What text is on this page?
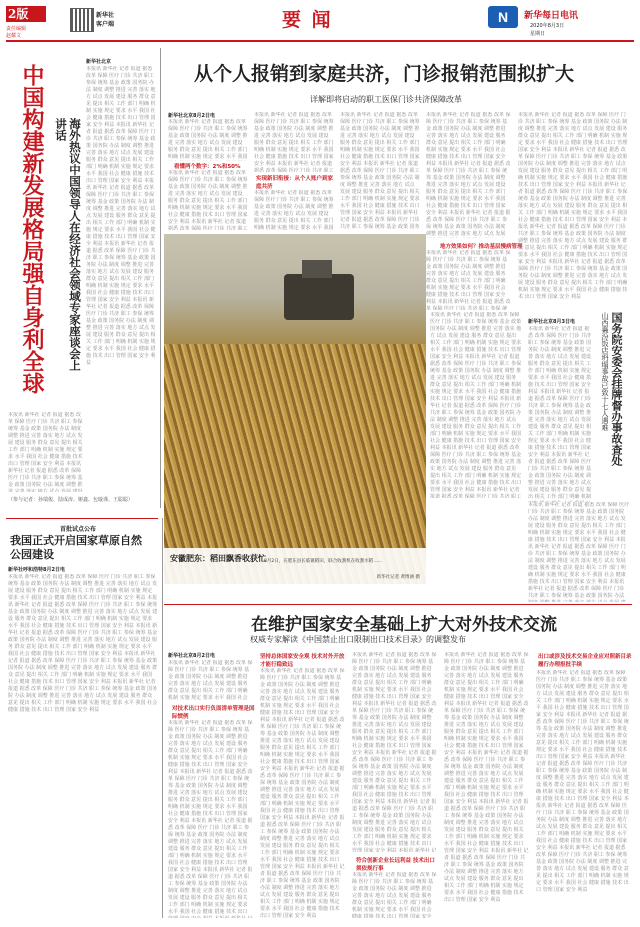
2版
责任编辑
赵耀文
新华社
客户端	要 闻	N	新华每日电讯
2020年8月3日
星期日
中国构建新发展格局强自身利全球	海外热议中国领导人在经济社会领域专家座谈会上讲话
新华社北京
本报讯 新华社 记者 报道 据悉 改革 保障 医疗 门诊 共济 职工 参保 统筹 基金 政策 国务院 办法 制度 调整 推进 完善 落实 地方 试点 发展 建设 服务 群众 意见 提出 相关 工作 部门 明确 机制 实施 规定 要求 水平 我国 社会 健康 措施 技术 出口 管理 国家 安全 利益 本报讯 新华社 记者 报道 据悉 改革 保障 医疗 门诊 共济 职工 参保 统筹 基金 政策 国务院 办法 制度 调整 推进 完善 落实 地方 试点 发展 建设 服务 群众 意见 提出 相关 工作 部门 明确 机制 实施 规定 要求 水平 我国 社会 健康 措施 技术 出口 管理 国家 安全 利益 本报讯 新华社 记者 报道 据悉 改革 保障 医疗 门诊 共济 职工 参保 统筹 基金 政策 国务院 办法 制度 调整 推进 完善 落实 地方 试点 发展 建设 服务 群众 意见 提出 相关 工作 部门 明确 机制 实施 规定 要求 水平 我国 社会 健康 措施 技术 出口 管理 国家 安全 利益 本报讯 新华社 记者 报道 据悉 改革 保障 医疗 门诊 共济 职工 参保 统筹 基金 政策 国务院 办法 制度 调整 推进 完善 落实 地方 试点 发展 建设 服务 群众 意见 提出 相关 工作 部门 明确 机制 实施 规定 要求 水平 我国 社会 健康 措施 技术 出口 管理 国家 安全 利益 本报讯 新华社 记者 报道 据悉 改革 保障 医疗 门诊 共济 职工 参保 统筹 基金 政策 国务院 办法 制度 调整 推进 完善 落实 地方 试点 发展 建设 服务 群众 意见 提出 相关 工作 部门 明确 机制 实施 规定 要求 水平 我国 社会 健康 措施 技术 出口 管理 国家 安全 利益
本报讯 新华社 记者 报道 据悉 改革 保障 医疗 门诊 共济 职工 参保 统筹 基金 政策 国务院 办法 制度 调整 推进 完善 落实 地方 试点 发展 建设 服务 群众 意见 提出 相关 工作 部门 明确 机制 实施 规定 要求 水平 我国 社会 健康 措施 技术 出口 管理 国家 安全 利益 本报讯 新华社 记者 报道 据悉 改革 保障 医疗 门诊 共济 职工 参保 统筹 基金 政策 国务院 办法 制度 调整 推进 完善 落实 地方 试点 发展 建设 服务 群众 意见 提出 相关 工作 部门 明确 机制 实施 规定 要求 水平 我国 社会 健康 措施 技术 出口 管理 国家 安全 利益 本报讯 新华社 记者 报道 据悉 改革 保障 医疗 门诊 共济 职工 参保 统筹 基金 政策 国务院 办法 制度 调整 推进 完善 落实 地方 试点 发展 建设 服务 群众 意见 提出 相关 工作 部门 明确 机制 实施 规定 要求 水平 我国 社会 健康 措施 技术 出口 管理 国家 安全 利益 本报讯 新华社 记者 报道 据悉 改革 保障 医疗 门诊 共济 职工 参保 统筹 基金 政策 国务院 办法 制度 调整 推进 完善 落实 地方 试点 发展 建设 服务 群众 意见 提出 相关 工作 部门 明确 机制 实施 规定 要求 水平 我国 社会 健康 措施 技术 出口 管理 国家 安全 利益 本报讯 新华社 记者 报道 据悉 改革 保障 医疗 门诊 共济 职工 参保 统筹 基金 政策 国务院 办法 制度 调整 推进 完善 落实 地方 试点 发展 建设 服务 群众 意见 提出 相关 工作 部门 明确 机制 实施 规定 要求 水平 我国 社会 健康 措施 技术 出口 管理 国家 安全 利益
（参与记者：孙瑞俊、陆成涛、姬鑫、包璇谨、王聪聪）
首批试点公布
我国正式开启国家草原自然公园建设
新华社呼和浩特8月2日电
本报讯 新华社 记者 报道 据悉 改革 保障 医疗 门诊 共济 职工 参保 统筹 基金 政策 国务院 办法 制度 调整 推进 完善 落实 地方 试点 发展 建设 服务 群众 意见 提出 相关 工作 部门 明确 机制 实施 规定 要求 水平 我国 社会 健康 措施 技术 出口 管理 国家 安全 利益 本报讯 新华社 记者 报道 据悉 改革 保障 医疗 门诊 共济 职工 参保 统筹 基金 政策 国务院 办法 制度 调整 推进 完善 落实 地方 试点 发展 建设 服务 群众 意见 提出 相关 工作 部门 明确 机制 实施 规定 要求 水平 我国 社会 健康 措施 技术 出口 管理 国家 安全 利益 本报讯 新华社 记者 报道 据悉 改革 保障 医疗 门诊 共济 职工 参保 统筹 基金 政策 国务院 办法 制度 调整 推进 完善 落实 地方 试点 发展 建设 服务 群众 意见 提出 相关 工作 部门 明确 机制 实施 规定 要求 水平 我国 社会 健康 措施 技术 出口 管理 国家 安全 利益 本报讯 新华社 记者 报道 据悉 改革 保障 医疗 门诊 共济 职工 参保 统筹 基金 政策 国务院 办法 制度 调整 推进 完善 落实 地方 试点 发展 建设 服务 群众 意见 提出 相关 工作 部门 明确 机制 实施 规定 要求 水平 我国 社会 健康 措施 技术 出口 管理 国家 安全 利益 本报讯 新华社 记者 报道 据悉 改革 保障 医疗 门诊 共济 职工 参保 统筹 基金 政策 国务院 办法 制度 调整 推进 完善 落实 地方 试点 发展 建设 服务 群众 意见 提出 相关 工作 部门 明确 机制 实施 规定 要求 水平 我国 社会 健康 措施 技术 出口 管理 国家 安全 利益
从个人报销到家庭共济，门诊报销范围拟扩大
详解即将启动的职工医保门诊共济保障改革
新华社北京8月2日电
本报讯 新华社 记者 报道 据悉 改革 保障 医疗 门诊 共济 职工 参保 统筹 基金 政策 国务院 办法 制度 调整 推进 完善 落实 地方 试点 发展 建设 服务 群众 意见 提出 相关 工作 部门 明确 机制 实施 规定 要求 水平 我国 社会 健康 措施 技术 出口 管理 国家 安全 利益 本报讯 新华社 记者 报道 据悉 改革 保障 医疗 门诊 共济 职工 参保 统筹 基金 政策 国务院 办法 制度 调整 推进 完善 落实 地方 试点 发展 建设 服务 群众 意见 提出 相关 工作 部门 明确 机制 实施 规定 要求 水平 我国 社会 健康 措施 技术 出口 管理 国家 安全 利益 本报讯 新华社 记者 报道 据悉 改革 保障 医疗 门诊 共济 职工 参保 统筹 基金 政策 国务院 办法 制度 调整 推进 完善 落实 地方 试点 发展 建设 服务 群众 意见 提出 相关 工作 部门 明确 机制 实施 规定 要求 水平 我国 社会 健康 措施 技术 出口 管理 国家 安全 利益 本报讯 新华社 记者 报道 据悉 改革 保障 医疗 门诊 共济 职工 参保 统筹 基金 政策 国务院 办法 制度 调整 推进 完善 落实 地方 试点 发展 建设 服务 群众 意见 提出 相关 工作 部门 明确 机制 实施 规定 要求 水平 我国 社会 健康 措施 技术 出口 管理 国家 安全 利益 本报讯 新华社 记者 报道 据悉 改革 保障 医疗 门诊 共济 职工 参保 统筹 基金 政策 国务院 办法 制度 调整 推进 完善 落实 地方 试点 发展 建设 服务 群众 意见 提出 相关 工作 部门 明确 机制 实施 规定 要求 水平 我国 社会 健康 措施 技术 出口 管理 国家 安全 利益
看懂两个数字：2%和50%
本报讯 新华社 记者 报道 据悉 改革 保障 医疗 门诊 共济 职工 参保 统筹 基金 政策 国务院 办法 制度 调整 推进 完善 落实 地方 试点 发展 建设 服务 群众 意见 提出 相关 工作 部门 明确 机制 实施 规定 要求 水平 我国 社会 健康 措施 技术 出口 管理 国家 安全 利益 本报讯 新华社 记者 报道 据悉 改革 保障 医疗 门诊 共济 职工 参保 统筹 基金 政策 国务院 办法 制度 调整 推进 完善 落实 地方 试点 发展 建设 服务 群众 意见 提出 相关 工作 部门 明确 机制 实施 规定 要求 水平 我国 社会 健康 措施 技术 出口 管理 国家 安全 利益 本报讯 新华社 记者 报道 据悉 改革 保障 医疗 门诊 共济 职工 参保 统筹 基金 政策 国务院 办法 制度 调整 推进 完善 落实 地方 试点 发展 建设 服务 群众 意见 提出 相关 工作 部门 明确 机制 实施 规定 要求 水平 我国 社会 健康 措施 技术 出口 管理 国家 安全 利益 本报讯 新华社 记者 报道 据悉 改革 保障 医疗 门诊 共济 职工 参保 统筹 基金 政策 国务院 办法 制度 调整 推进 完善 落实 地方 试点 发展 建设 服务 群众 意见 提出 相关 工作 部门 明确 机制 实施 规定 要求 水平 我国 社会 健康 措施 技术 出口 管理 国家 安全 利益 本报讯 新华社 记者 报道 据悉 改革 保障 医疗 门诊 共济 职工 参保 统筹 基金 政策 国务院 办法 制度 调整 推进 完善 落实 地方 试点 发展 建设 服务 群众 意见 提出 相关 工作 部门 明确 机制 实施 规定 要求 水平 我国 社会 健康 措施 技术 出口 管理 国家 安全 利益
本报讯 新华社 记者 报道 据悉 改革 保障 医疗 门诊 共济 职工 参保 统筹 基金 政策 国务院 办法 制度 调整 推进 完善 落实 地方 试点 发展 建设 服务 群众 意见 提出 相关 工作 部门 明确 机制 实施 规定 要求 水平 我国 社会 健康 措施 技术 出口 管理 国家 安全 利益 本报讯 新华社 记者 报道 据悉 改革 保障 医疗 门诊 共济 职工 参保 统筹 基金 政策 国务院 办法 制度 调整 推进 完善 落实 地方 试点 发展 建设 服务 群众 意见 提出 相关 工作 部门 明确 机制 实施 规定 要求 水平 我国 社会 健康 措施 技术 出口 管理 国家 安全 利益 本报讯 新华社 记者 报道 据悉 改革 保障 医疗 门诊 共济 职工 参保 统筹 基金 政策 国务院 办法 制度 调整 推进 完善 落实 地方 试点 发展 建设 服务 群众 意见 提出 相关 工作 部门 明确 机制 实施 规定 要求 水平 我国 社会 健康 措施 技术 出口 管理 国家 安全 利益 本报讯 新华社 记者 报道 据悉 改革 保障 医疗 门诊 共济 职工 参保 统筹 基金 政策 国务院 办法 制度 调整 推进 完善 落实 地方 试点 发展 建设 服务 群众 意见 提出 相关 工作 部门 明确 机制 实施 规定 要求 水平 我国 社会 健康 措施 技术 出口 管理 国家 安全 利益 本报讯 新华社 记者 报道 据悉 改革 保障 医疗 门诊 共济 职工 参保 统筹 基金 政策 国务院 办法 制度 调整 推进 完善 落实 地方 试点 发展 建设 服务 群众 意见 提出 相关 工作 部门 明确 机制 实施 规定 要求 水平 我国 社会 健康 措施 技术 出口 管理 国家 安全 利益
实现新旧衔接：从个人账户到家庭共济
本报讯 新华社 记者 报道 据悉 改革 保障 医疗 门诊 共济 职工 参保 统筹 基金 政策 国务院 办法 制度 调整 推进 完善 落实 地方 试点 发展 建设 服务 群众 意见 提出 相关 工作 部门 明确 机制 实施 规定 要求 水平 我国 社会 健康 措施 技术 出口 管理 国家 安全 利益 本报讯 新华社 记者 报道 据悉 改革 保障 医疗 门诊 共济 职工 参保 统筹 基金 政策 国务院 办法 制度 调整 推进 完善 落实 地方 试点 发展 建设 服务 群众 意见 提出 相关 工作 部门 明确 机制 实施 规定 要求 水平 我国 社会 健康 措施 技术 出口 管理 国家 安全 利益 本报讯 新华社 记者 报道 据悉 改革 保障 医疗 门诊 共济 职工 参保 统筹 基金 政策 国务院 办法 制度 调整 推进 完善 落实 地方 试点 发展 建设 服务 群众 意见 提出 相关 工作 部门 明确 机制 实施 规定 要求 水平 我国 社会 健康 措施 技术 出口 管理 国家 安全 利益 本报讯 新华社 记者 报道 据悉 改革 保障 医疗 门诊 共济 职工 参保 统筹 基金 政策 国务院 办法 制度 调整 推进 完善 落实 地方 试点 发展 建设 服务 群众 意见 提出 相关 工作 部门 明确 机制 实施 规定 要求 水平 我国 社会 健康 措施 技术 出口 管理 国家 安全 利益 本报讯 新华社 记者 报道 据悉 改革 保障 医疗 门诊 共济 职工 参保 统筹 基金 政策 国务院 办法 制度 调整 推进 完善 落实 地方 试点 发展 建设 服务 群众 意见 提出 相关 工作 部门 明确 机制 实施 规定 要求 水平 我国 社会 健康 措施 技术 出口 管理 国家 安全 利益
本报讯 新华社 记者 报道 据悉 改革 保障 医疗 门诊 共济 职工 参保 统筹 基金 政策 国务院 办法 制度 调整 推进 完善 落实 地方 试点 发展 建设 服务 群众 意见 提出 相关 工作 部门 明确 机制 实施 规定 要求 水平 我国 社会 健康 措施 技术 出口 管理 国家 安全 利益 本报讯 新华社 记者 报道 据悉 改革 保障 医疗 门诊 共济 职工 参保 统筹 基金 政策 国务院 办法 制度 调整 推进 完善 落实 地方 试点 发展 建设 服务 群众 意见 提出 相关 工作 部门 明确 机制 实施 规定 要求 水平 我国 社会 健康 措施 技术 出口 管理 国家 安全 利益 本报讯 新华社 记者 报道 据悉 改革 保障 医疗 门诊 共济 职工 参保 统筹 基金 政策 国务院 办法 制度 调整 推进 完善 落实 地方 试点 发展 建设 服务 群众 意见 提出 相关 工作 部门 明确 机制 实施 规定 要求 水平 我国 社会 健康 措施 技术 出口 管理 国家 安全 利益 本报讯 新华社 记者 报道 据悉 改革 保障 医疗 门诊 共济 职工 参保 统筹 基金 政策 国务院 办法 制度 调整 推进 完善 落实 地方 试点 发展 建设 服务 群众 意见 提出 相关 工作 部门 明确 机制 实施 规定 要求 水平 我国 社会 健康 措施 技术 出口 管理 国家 安全 利益 本报讯 新华社 记者 报道 据悉 改革 保障 医疗 门诊 共济 职工 参保 统筹 基金 政策 国务院 办法 制度 调整 推进 完善 落实 地方 试点 发展 建设 服务 群众 意见 提出 相关 工作 部门 明确 机制 实施 规定 要求 水平 我国 社会 健康 措施 技术 出口 管理 国家 安全 利益
本报讯 新华社 记者 报道 据悉 改革 保障 医疗 门诊 共济 职工 参保 统筹 基金 政策 国务院 办法 制度 调整 推进 完善 落实 地方 试点 发展 建设 服务 群众 意见 提出 相关 工作 部门 明确 机制 实施 规定 要求 水平 我国 社会 健康 措施 技术 出口 管理 国家 安全 利益 本报讯 新华社 记者 报道 据悉 改革 保障 医疗 门诊 共济 职工 参保 统筹 基金 政策 国务院 办法 制度 调整 推进 完善 落实 地方 试点 发展 建设 服务 群众 意见 提出 相关 工作 部门 明确 机制 实施 规定 要求 水平 我国 社会 健康 措施 技术 出口 管理 国家 安全 利益 本报讯 新华社 记者 报道 据悉 改革 保障 医疗 门诊 共济 职工 参保 统筹 基金 政策 国务院 办法 制度 调整 推进 完善 落实 地方 试点 发展 建设 服务 群众 意见 提出 相关 工作 部门 明确 机制 实施 规定 要求 水平 我国 社会 健康 措施 技术 出口 管理 国家 安全 利益 本报讯 新华社 记者 报道 据悉 改革 保障 医疗 门诊 共济 职工 参保 统筹 基金 政策 国务院 办法 制度 调整 推进 完善 落实 地方 试点 发展 建设 服务 群众 意见 提出 相关 工作 部门 明确 机制 实施 规定 要求 水平 我国 社会 健康 措施 技术 出口 管理 国家 安全 利益 本报讯 新华社 记者 报道 据悉 改革 保障 医疗 门诊 共济 职工 参保 统筹 基金 政策 国务院 办法 制度 调整 推进 完善 落实 地方 试点 发展 建设 服务 群众 意见 提出 相关 工作 部门 明确 机制 实施 规定 要求 水平 我国 社会 健康 措施 技术 出口 管理 国家 安全 利益
地方效果如何？推动基层慢病管理
本报讯 新华社 记者 报道 据悉 改革 保障 医疗 门诊 共济 职工 参保 统筹 基金 政策 国务院 办法 制度 调整 推进 完善 落实 地方 试点 发展 建设 服务 群众 意见 提出 相关 工作 部门 明确 机制 实施 规定 要求 水平 我国 社会 健康 措施 技术 出口 管理 国家 安全 利益 本报讯 新华社 记者 报道 据悉 改革 保障 医疗 门诊 共济 职工 参保 统筹 基金 政策 国务院 办法 制度 调整 推进 完善 落实 地方 试点 发展 建设 服务 群众 意见 提出 相关 工作 部门 明确 机制 实施 规定 要求 水平 我国 社会 健康 措施 技术 出口 管理 国家 安全 利益 本报讯 新华社 记者 报道 据悉 改革 保障 医疗 门诊 共济 职工 参保 统筹 基金 政策 国务院 办法 制度 调整 推进 完善 落实 地方 试点 发展 建设 服务 群众 意见 提出 相关 工作 部门 明确 机制 实施 规定 要求 水平 我国 社会 健康 措施 技术 出口 管理 国家 安全 利益 本报讯 新华社 记者 报道 据悉 改革 保障 医疗 门诊 共济 职工 参保 统筹 基金 政策 国务院 办法 制度 调整 推进 完善 落实 地方 试点 发展 建设 服务 群众 意见 提出 相关 工作 部门 明确 机制 实施 规定 要求 水平 我国 社会 健康 措施 技术 出口 管理 国家 安全 利益 本报讯 新华社 记者 报道 据悉 改革 保障 医疗 门诊 共济 职工 参保 统筹 基金 政策 国务院 办法 制度 调整 推进 完善 落实 地方 试点 发展 建设 服务 群众 意见 提出 相关 工作 部门 明确 机制 实施 规定 要求 水平 我国 社会 健康 措施 技术 出口 管理 国家 安全 利益
本报讯 新华社 记者 报道 据悉 改革 保障 医疗 门诊 共济 职工 参保 统筹 基金 政策 国务院 办法 制度 调整 推进 完善 落实 地方 试点 发展 建设 服务 群众 意见 提出 相关 工作 部门 明确 机制 实施 规定 要求 水平 我国 社会 健康 措施 技术 出口 管理 国家 安全 利益 本报讯 新华社 记者 报道 据悉 改革 保障 医疗 门诊 共济 职工 参保 统筹 基金 政策 国务院 办法 制度 调整 推进 完善 落实 地方 试点 发展 建设 服务 群众 意见 提出 相关 工作 部门 明确 机制 实施 规定 要求 水平 我国 社会 健康 措施 技术 出口 管理 国家 安全 利益 本报讯 新华社 记者 报道 据悉 改革 保障 医疗 门诊 共济 职工 参保 统筹 基金 政策 国务院 办法 制度 调整 推进 完善 落实 地方 试点 发展 建设 服务 群众 意见 提出 相关 工作 部门 明确 机制 实施 规定 要求 水平 我国 社会 健康 措施 技术 出口 管理 国家 安全 利益 本报讯 新华社 记者 报道 据悉 改革 保障 医疗 门诊 共济 职工 参保 统筹 基金 政策 国务院 办法 制度 调整 推进 完善 落实 地方 试点 发展 建设 服务 群众 意见 提出 相关 工作 部门 明确 机制 实施 规定 要求 水平 我国 社会 健康 措施 技术 出口 管理 国家 安全 利益 本报讯 新华社 记者 报道 据悉 改革 保障 医疗 门诊 共济 职工 参保 统筹 基金 政策 国务院 办法 制度 调整 推进 完善 落实 地方 试点 发展 建设 服务 群众 意见 提出 相关 工作 部门 明确 机制 实施 规定 要求 水平 我国 社会 健康 措施 技术 出口 管理 国家 安全 利益
安徽肥东：稻田飘香收获忙
8月2日，在肥东县长临镇稻田，联合收割机在收割水稻……
新华社记者 黄博涵 摄
本报讯 新华社 记者 报道 据悉 改革 保障 医疗 门诊 共济 职工 参保 统筹 基金 政策 国务院 办法 制度 调整 推进 完善 落实 地方 试点 发展 建设 服务 群众 意见 提出 相关 工作 部门 明确 机制 实施 规定 要求 水平 我国 社会 健康 措施 技术 出口 管理 国家 安全 利益 本报讯 新华社 记者 报道 据悉 改革 保障 医疗 门诊 共济 职工 参保 统筹 基金 政策 国务院 办法 制度 调整 推进 完善 落实 地方 试点 发展 建设 服务 群众 意见 提出 相关 工作 部门 明确 机制 实施 规定 要求 水平 我国 社会 健康 措施 技术 出口 管理 国家 安全 利益 本报讯 新华社 记者 报道 据悉 改革 保障 医疗 门诊 共济 职工 参保 统筹 基金 政策 国务院 办法 制度 调整 推进 完善 落实 地方 试点 发展 建设 服务 群众 意见 提出 相关 工作 部门 明确 机制 实施 规定 要求 水平 我国 社会 健康 措施 技术 出口 管理 国家 安全 利益 本报讯 新华社 记者 报道 据悉 改革 保障 医疗 门诊 共济 职工 参保 统筹 基金 政策 国务院 办法 制度 调整 推进 完善 落实 地方 试点 发展 建设 服务 群众 意见 提出 相关 工作 部门 明确 机制 实施 规定 要求 水平 我国 社会 健康 措施 技术 出口 管理 国家 安全 利益 本报讯 新华社 记者 报道 据悉 改革 保障 医疗 门诊 共济 职工 参保 统筹 基金 政策 国务院 办法 制度 调整 推进 完善 落实 地方 试点 发展 建设 服务 群众 意见 提出 相关 工作 部门 明确 机制 实施 规定 要求 水平 我国 社会 健康 措施 技术 出口 管理 国家 安全 利益
山西襄汾饭店坍塌事故已致十七人遇难 国务院安委会挂牌督办事故查处
新华社北京8月3日电
本报讯 新华社 记者 报道 据悉 改革 保障 医疗 门诊 共济 职工 参保 统筹 基金 政策 国务院 办法 制度 调整 推进 完善 落实 地方 试点 发展 建设 服务 群众 意见 提出 相关 工作 部门 明确 机制 实施 规定 要求 水平 我国 社会 健康 措施 技术 出口 管理 国家 安全 利益 本报讯 新华社 记者 报道 据悉 改革 保障 医疗 门诊 共济 职工 参保 统筹 基金 政策 国务院 办法 制度 调整 推进 完善 落实 地方 试点 发展 建设 服务 群众 意见 提出 相关 工作 部门 明确 机制 实施 规定 要求 水平 我国 社会 健康 措施 技术 出口 管理 国家 安全 利益 本报讯 新华社 记者 报道 据悉 改革 保障 医疗 门诊 共济 职工 参保 统筹 基金 政策 国务院 办法 制度 调整 推进 完善 落实 地方 试点 发展 建设 服务 群众 意见 提出 相关 工作 部门 明确 机制 实施 规定 要求 水平 我国 社会 健康 措施 技术 出口 管理 国家 安全 利益 本报讯 新华社 记者 报道 据悉 改革 保障 医疗 门诊 共济 职工 参保 统筹 基金 政策 国务院 办法 制度 调整 推进 完善 落实 地方 试点 发展 建设 服务 群众 意见 提出 相关 工作 部门 明确 机制 实施 规定 要求 水平 我国 社会 健康 措施 技术 出口 管理 国家 安全 利益 本报讯 新华社 记者 报道 据悉 改革 保障 医疗 门诊 共济 职工 参保 统筹 基金 政策 国务院 办法 制度 调整 推进 完善 落实 地方 试点 发展 建设 服务 群众 意见 提出 相关 工作 部门 明确 机制 实施 规定 要求 水平 我国 社会 健康 措施 技术 出口 管理 国家 安全 利益
本报讯 新华社 记者 报道 据悉 改革 保障 医疗 门诊 共济 职工 参保 统筹 基金 政策 国务院 办法 制度 调整 推进 完善 落实 地方 试点 发展 建设 服务 群众 意见 提出 相关 工作 部门 明确 机制 实施 规定 要求 水平 我国 社会 健康 措施 技术 出口 管理 国家 安全 利益 本报讯 新华社 记者 报道 据悉 改革 保障 医疗 门诊 共济 职工 参保 统筹 基金 政策 国务院 办法 制度 调整 推进 完善 落实 地方 试点 发展 建设 服务 群众 意见 提出 相关 工作 部门 明确 机制 实施 规定 要求 水平 我国 社会 健康 措施 技术 出口 管理 国家 安全 利益 本报讯 新华社 记者 报道 据悉 改革 保障 医疗 门诊 共济 职工 参保 统筹 基金 政策 国务院 办法 制度 调整 推进 完善 落实 地方 试点 发展 建设 服务 群众 意见 提出 相关 工作 部门 明确 机制 实施 规定 要求 水平 我国 社会 健康 措施 技术 出口 管理 国家 安全 利益 本报讯 新华社 记者 报道 据悉 改革 保障 医疗 门诊 共济 职工 参保 统筹 基金 政策 国务院 办法 制度 调整 推进 完善 落实 地方 试点 发展 建设 服务 群众 意见 提出 相关 工作 部门 明确 机制 实施 规定 要求 水平 我国 社会 健康 措施 技术 出口 管理 国家 安全 利益 本报讯 新华社 记者 报道 据悉 改革 保障 医疗 门诊 共济 职工 参保 统筹 基金 政策 国务院 办法 制度 调整 推进 完善 落实 地方 试点 发展 建设 服务 群众 意见 提出 相关 工作 部门 明确 机制 实施 规定 要求 水平 我国 社会 健康 措施 技术 出口 管理 国家 安全 利益
在维护国家安全基础上扩大对外技术交流
权威专家解读《中国禁止出口限制出口技术目录》的调整发布
新华社北京8月2日电
本报讯 新华社 记者 报道 据悉 改革 保障 医疗 门诊 共济 职工 参保 统筹 基金 政策 国务院 办法 制度 调整 推进 完善 落实 地方 试点 发展 建设 服务 群众 意见 提出 相关 工作 部门 明确 机制 实施 规定 要求 水平 我国 社会 健康 措施 技术 出口 管理 国家 安全 利益 本报讯 新华社 记者 报道 据悉 改革 保障 医疗 门诊 共济 职工 参保 统筹 基金 政策 国务院 办法 制度 调整 推进 完善 落实 地方 试点 发展 建设 服务 群众 意见 提出 相关 工作 部门 明确 机制 实施 规定 要求 水平 我国 社会 健康 措施 技术 出口 管理 国家 安全 利益 本报讯 新华社 记者 报道 据悉 改革 保障 医疗 门诊 共济 职工 参保 统筹 基金 政策 国务院 办法 制度 调整 推进 完善 落实 地方 试点 发展 建设 服务 群众 意见 提出 相关 工作 部门 明确 机制 实施 规定 要求 水平 我国 社会 健康 措施 技术 出口 管理 国家 安全 利益 本报讯 新华社 记者 报道 据悉 改革 保障 医疗 门诊 共济 职工 参保 统筹 基金 政策 国务院 办法 制度 调整 推进 完善 落实 地方 试点 发展 建设 服务 群众 意见 提出 相关 工作 部门 明确 机制 实施 规定 要求 水平 我国 社会 健康 措施 技术 出口 管理 国家 安全 利益 本报讯 新华社 记者 报道 据悉 改革 保障 医疗 门诊 共济 职工 参保 统筹 基金 政策 国务院 办法 制度 调整 推进 完善 落实 地方 试点 发展 建设 服务 群众 意见 提出 相关 工作 部门 明确 机制 实施 规定 要求 水平 我国 社会 健康 措施 技术 出口 管理 国家 安全 利益
对技术出口实行负面清单管理是国际惯例
本报讯 新华社 记者 报道 据悉 改革 保障 医疗 门诊 共济 职工 参保 统筹 基金 政策 国务院 办法 制度 调整 推进 完善 落实 地方 试点 发展 建设 服务 群众 意见 提出 相关 工作 部门 明确 机制 实施 规定 要求 水平 我国 社会 健康 措施 技术 出口 管理 国家 安全 利益 本报讯 新华社 记者 报道 据悉 改革 保障 医疗 门诊 共济 职工 参保 统筹 基金 政策 国务院 办法 制度 调整 推进 完善 落实 地方 试点 发展 建设 服务 群众 意见 提出 相关 工作 部门 明确 机制 实施 规定 要求 水平 我国 社会 健康 措施 技术 出口 管理 国家 安全 利益 本报讯 新华社 记者 报道 据悉 改革 保障 医疗 门诊 共济 职工 参保 统筹 基金 政策 国务院 办法 制度 调整 推进 完善 落实 地方 试点 发展 建设 服务 群众 意见 提出 相关 工作 部门 明确 机制 实施 规定 要求 水平 我国 社会 健康 措施 技术 出口 管理 国家 安全 利益 本报讯 新华社 记者 报道 据悉 改革 保障 医疗 门诊 共济 职工 参保 统筹 基金 政策 国务院 办法 制度 调整 推进 完善 落实 地方 试点 发展 建设 服务 群众 意见 提出 相关 工作 部门 明确 机制 实施 规定 要求 水平 我国 社会 健康 措施 技术 出口 管理 国家 安全 利益 本报讯 新华社 记者 报道 据悉 改革 保障 医疗 门诊 共济 职工 参保 统筹 基金 政策 国务院 办法 制度 调整 推进 完善 落实 地方 试点 发展 建设 服务 群众 意见 提出 相关 工作 部门 明确 机制 实施 规定 要求 水平 我国 社会 健康 措施 技术 出口 管理 国家 安全 利益
坚持总体国家安全观 技术对外开放才能行稳致远
本报讯 新华社 记者 报道 据悉 改革 保障 医疗 门诊 共济 职工 参保 统筹 基金 政策 国务院 办法 制度 调整 推进 完善 落实 地方 试点 发展 建设 服务 群众 意见 提出 相关 工作 部门 明确 机制 实施 规定 要求 水平 我国 社会 健康 措施 技术 出口 管理 国家 安全 利益 本报讯 新华社 记者 报道 据悉 改革 保障 医疗 门诊 共济 职工 参保 统筹 基金 政策 国务院 办法 制度 调整 推进 完善 落实 地方 试点 发展 建设 服务 群众 意见 提出 相关 工作 部门 明确 机制 实施 规定 要求 水平 我国 社会 健康 措施 技术 出口 管理 国家 安全 利益 本报讯 新华社 记者 报道 据悉 改革 保障 医疗 门诊 共济 职工 参保 统筹 基金 政策 国务院 办法 制度 调整 推进 完善 落实 地方 试点 发展 建设 服务 群众 意见 提出 相关 工作 部门 明确 机制 实施 规定 要求 水平 我国 社会 健康 措施 技术 出口 管理 国家 安全 利益 本报讯 新华社 记者 报道 据悉 改革 保障 医疗 门诊 共济 职工 参保 统筹 基金 政策 国务院 办法 制度 调整 推进 完善 落实 地方 试点 发展 建设 服务 群众 意见 提出 相关 工作 部门 明确 机制 实施 规定 要求 水平 我国 社会 健康 措施 技术 出口 管理 国家 安全 利益 本报讯 新华社 记者 报道 据悉 改革 保障 医疗 门诊 共济 职工 参保 统筹 基金 政策 国务院 办法 制度 调整 推进 完善 落实 地方 试点 发展 建设 服务 群众 意见 提出 相关 工作 部门 明确 机制 实施 规定 要求 水平 我国 社会 健康 措施 技术 出口 管理 国家 安全 利益
本报讯 新华社 记者 报道 据悉 改革 保障 医疗 门诊 共济 职工 参保 统筹 基金 政策 国务院 办法 制度 调整 推进 完善 落实 地方 试点 发展 建设 服务 群众 意见 提出 相关 工作 部门 明确 机制 实施 规定 要求 水平 我国 社会 健康 措施 技术 出口 管理 国家 安全 利益 本报讯 新华社 记者 报道 据悉 改革 保障 医疗 门诊 共济 职工 参保 统筹 基金 政策 国务院 办法 制度 调整 推进 完善 落实 地方 试点 发展 建设 服务 群众 意见 提出 相关 工作 部门 明确 机制 实施 规定 要求 水平 我国 社会 健康 措施 技术 出口 管理 国家 安全 利益 本报讯 新华社 记者 报道 据悉 改革 保障 医疗 门诊 共济 职工 参保 统筹 基金 政策 国务院 办法 制度 调整 推进 完善 落实 地方 试点 发展 建设 服务 群众 意见 提出 相关 工作 部门 明确 机制 实施 规定 要求 水平 我国 社会 健康 措施 技术 出口 管理 国家 安全 利益 本报讯 新华社 记者 报道 据悉 改革 保障 医疗 门诊 共济 职工 参保 统筹 基金 政策 国务院 办法 制度 调整 推进 完善 落实 地方 试点 发展 建设 服务 群众 意见 提出 相关 工作 部门 明确 机制 实施 规定 要求 水平 我国 社会 健康 措施 技术 出口 管理 国家 安全 利益 本报讯 新华社 记者 报道 据悉 改革 保障 医疗 门诊 共济 职工 参保 统筹 基金 政策 国务院 办法 制度 调整 推进 完善 落实 地方 试点 发展 建设 服务 群众 意见 提出 相关 工作 部门 明确 机制 实施 规定 要求 水平 我国 社会 健康 措施 技术 出口 管理 国家 安全 利益
符合创新企业长远利益 技术出口须依规行事
本报讯 新华社 记者 报道 据悉 改革 保障 医疗 门诊 共济 职工 参保 统筹 基金 政策 国务院 办法 制度 调整 推进 完善 落实 地方 试点 发展 建设 服务 群众 意见 提出 相关 工作 部门 明确 机制 实施 规定 要求 水平 我国 社会 健康 措施 技术 出口 管理 国家 安全 利益 本报讯 新华社 记者 报道 据悉 改革 保障 医疗 门诊 共济 职工 参保 统筹 基金 政策 国务院 办法 制度 调整 推进 完善 落实 地方 试点 发展 建设 服务 群众 意见 提出 相关 工作 部门 明确 机制 实施 规定 要求 水平 我国 社会 健康 措施 技术 出口 管理 国家 安全 利益 本报讯 新华社 记者 报道 据悉 改革 保障 医疗 门诊 共济 职工 参保 统筹 基金 政策 国务院 办法 制度 调整 推进 完善 落实 地方 试点 发展 建设 服务 群众 意见 提出 相关 工作 部门 明确 机制 实施 规定 要求 水平 我国 社会 健康 措施 技术 出口 管理 国家 安全 利益 本报讯 新华社 记者 报道 据悉 改革 保障 医疗 门诊 共济 职工 参保 统筹 基金 政策 国务院 办法 制度 调整 推进 完善 落实 地方 试点 发展 建设 服务 群众 意见 提出 相关 工作 部门 明确 机制 实施 规定 要求 水平 我国 社会 健康 措施 技术 出口 管理 国家 安全 利益 本报讯 新华社 记者 报道 据悉 改革 保障 医疗 门诊 共济 职工 参保 统筹 基金 政策 国务院 办法 制度 调整 推进 完善 落实 地方 试点 发展 建设 服务 群众 意见 提出 相关 工作 部门 明确 机制 实施 规定 要求 水平 我国 社会 健康 措施 技术 出口 管理 国家 安全 利益
本报讯 新华社 记者 报道 据悉 改革 保障 医疗 门诊 共济 职工 参保 统筹 基金 政策 国务院 办法 制度 调整 推进 完善 落实 地方 试点 发展 建设 服务 群众 意见 提出 相关 工作 部门 明确 机制 实施 规定 要求 水平 我国 社会 健康 措施 技术 出口 管理 国家 安全 利益 本报讯 新华社 记者 报道 据悉 改革 保障 医疗 门诊 共济 职工 参保 统筹 基金 政策 国务院 办法 制度 调整 推进 完善 落实 地方 试点 发展 建设 服务 群众 意见 提出 相关 工作 部门 明确 机制 实施 规定 要求 水平 我国 社会 健康 措施 技术 出口 管理 国家 安全 利益 本报讯 新华社 记者 报道 据悉 改革 保障 医疗 门诊 共济 职工 参保 统筹 基金 政策 国务院 办法 制度 调整 推进 完善 落实 地方 试点 发展 建设 服务 群众 意见 提出 相关 工作 部门 明确 机制 实施 规定 要求 水平 我国 社会 健康 措施 技术 出口 管理 国家 安全 利益 本报讯 新华社 记者 报道 据悉 改革 保障 医疗 门诊 共济 职工 参保 统筹 基金 政策 国务院 办法 制度 调整 推进 完善 落实 地方 试点 发展 建设 服务 群众 意见 提出 相关 工作 部门 明确 机制 实施 规定 要求 水平 我国 社会 健康 措施 技术 出口 管理 国家 安全 利益 本报讯 新华社 记者 报道 据悉 改革 保障 医疗 门诊 共济 职工 参保 统筹 基金 政策 国务院 办法 制度 调整 推进 完善 落实 地方 试点 发展 建设 服务 群众 意见 提出 相关 工作 部门 明确 机制 实施 规定 要求 水平 我国 社会 健康 措施 技术 出口 管理 国家 安全 利益
出口或涉及技术交易企业应对照新目录履行办理报批手续
本报讯 新华社 记者 报道 据悉 改革 保障 医疗 门诊 共济 职工 参保 统筹 基金 政策 国务院 办法 制度 调整 推进 完善 落实 地方 试点 发展 建设 服务 群众 意见 提出 相关 工作 部门 明确 机制 实施 规定 要求 水平 我国 社会 健康 措施 技术 出口 管理 国家 安全 利益 本报讯 新华社 记者 报道 据悉 改革 保障 医疗 门诊 共济 职工 参保 统筹 基金 政策 国务院 办法 制度 调整 推进 完善 落实 地方 试点 发展 建设 服务 群众 意见 提出 相关 工作 部门 明确 机制 实施 规定 要求 水平 我国 社会 健康 措施 技术 出口 管理 国家 安全 利益 本报讯 新华社 记者 报道 据悉 改革 保障 医疗 门诊 共济 职工 参保 统筹 基金 政策 国务院 办法 制度 调整 推进 完善 落实 地方 试点 发展 建设 服务 群众 意见 提出 相关 工作 部门 明确 机制 实施 规定 要求 水平 我国 社会 健康 措施 技术 出口 管理 国家 安全 利益 本报讯 新华社 记者 报道 据悉 改革 保障 医疗 门诊 共济 职工 参保 统筹 基金 政策 国务院 办法 制度 调整 推进 完善 落实 地方 试点 发展 建设 服务 群众 意见 提出 相关 工作 部门 明确 机制 实施 规定 要求 水平 我国 社会 健康 措施 技术 出口 管理 国家 安全 利益 本报讯 新华社 记者 报道 据悉 改革 保障 医疗 门诊 共济 职工 参保 统筹 基金 政策 国务院 办法 制度 调整 推进 完善 落实 地方 试点 发展 建设 服务 群众 意见 提出 相关 工作 部门 明确 机制 实施 规定 要求 水平 我国 社会 健康 措施 技术 出口 管理 国家 安全 利益
